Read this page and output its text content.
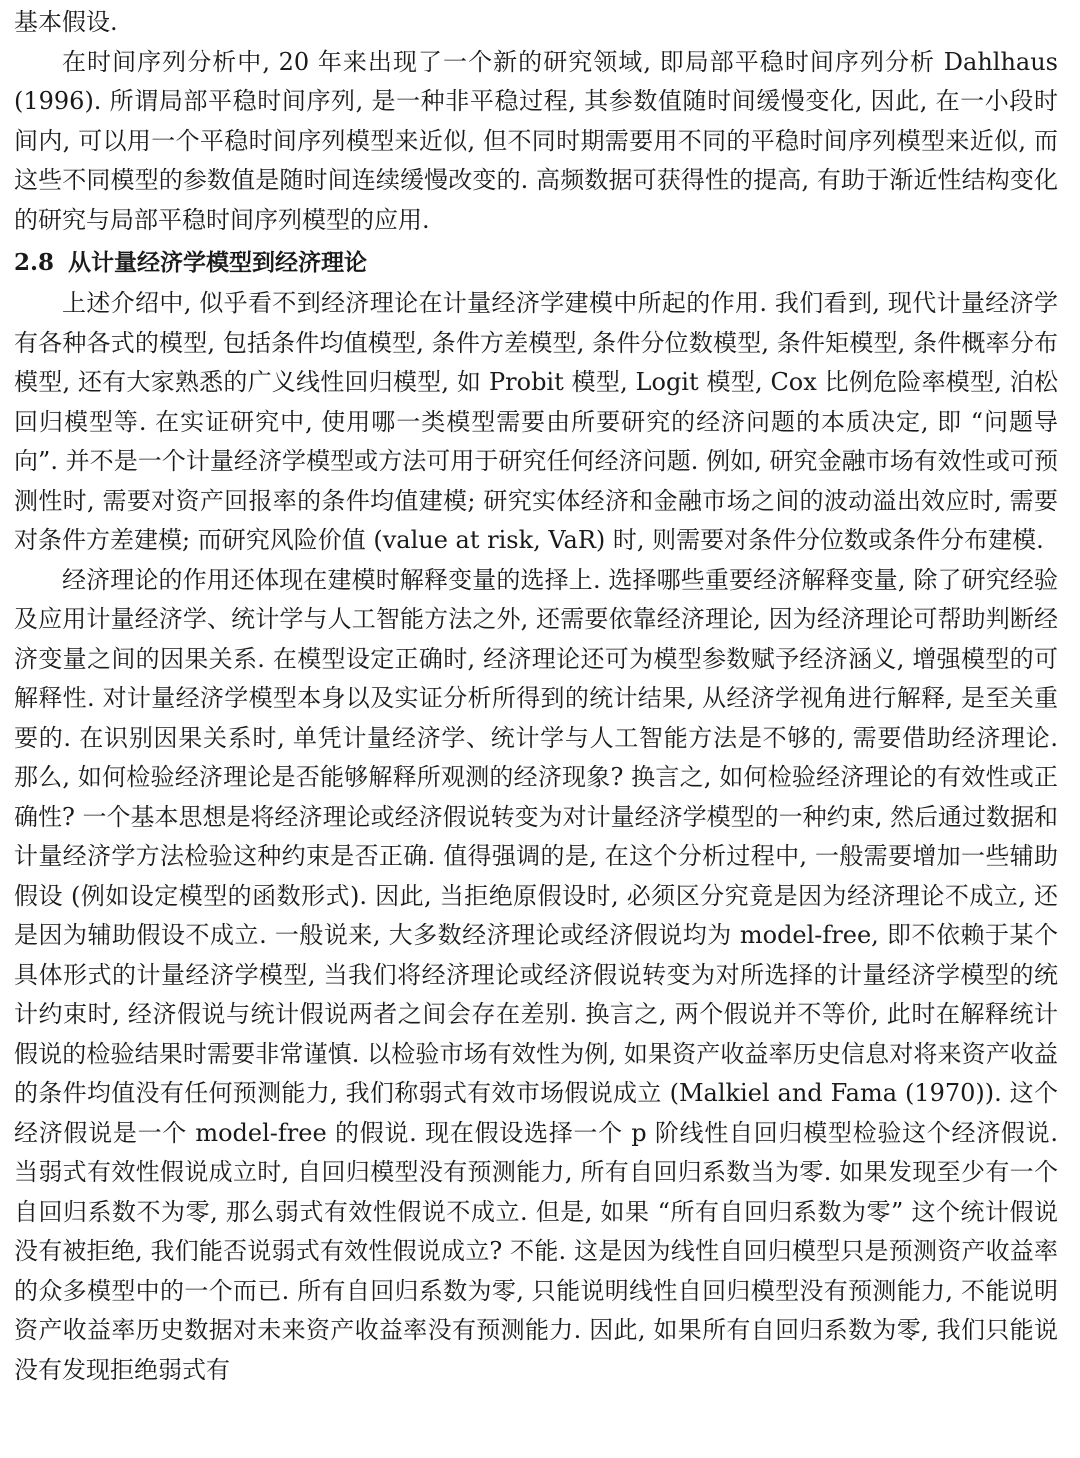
基本假设.

在时间序列分析中, 20 年来出现了一个新的研究领域, 即局部平稳时间序列分析 Dahlhaus (1996). 所谓局部平稳时间序列, 是一种非平稳过程, 其参数值随时间缓慢变化, 因此, 在一小段时间内, 可以用一个平稳时间序列模型来近似, 但不同时期需要用不同的平稳时间序列模型来近似, 而这些不同模型的参数值是随时间连续缓慢改变的. 高频数据可获得性的提高, 有助于渐近性结构变化的研究与局部平稳时间序列模型的应用.

2.8 从计量经济学模型到经济理论

上述介绍中, 似乎看不到经济理论在计量经济学建模中所起的作用. 我们看到, 现代计量经济学有各种各式的模型, 包括条件均值模型, 条件方差模型, 条件分位数模型, 条件矩模型, 条件概率分布模型, 还有大家熟悉的广义线性回归模型, 如 Probit 模型, Logit 模型, Cox 比例危险率模型, 泊松回归模型等. 在实证研究中, 使用哪一类模型需要由所要研究的经济问题的本质决定, 即 “问题导向”. 并不是一个计量经济学模型或方法可用于研究任何经济问题. 例如, 研究金融市场有效性或可预测性时, 需要对资产回报率的条件均值建模; 研究实体经济和金融市场之间的波动溢出效应时, 需要对条件方差建模; 而研究风险价值 (value at risk, VaR) 时, 则需要对条件分位数或条件分布建模.

经济理论的作用还体现在建模时解释变量的选择上. 选择哪些重要经济解释变量, 除了研究经验及应用计量经济学、统计学与人工智能方法之外, 还需要依靠经济理论, 因为经济理论可帮助判断经济变量之间的因果关系. 在模型设定正确时, 经济理论还可为模型参数赋予经济涵义, 增强模型的可解释性. 对计量经济学模型本身以及实证分析所得到的统计结果, 从经济学视角进行解释, 是至关重要的. 在识别因果关系时, 单凭计量经济学、统计学与人工智能方法是不够的, 需要借助经济理论. 那么, 如何检验经济理论是否能够解释所观测的经济现象? 换言之, 如何检验经济理论的有效性或正确性? 一个基本思想是将经济理论或经济假说转变为对计量经济学模型的一种约束, 然后通过数据和计量经济学方法检验这种约束是否正确. 值得强调的是, 在这个分析过程中, 一般需要增加一些辅助假设 (例如设定模型的函数形式). 因此, 当拒绝原假设时, 必须区分究竟是因为经济理论不成立, 还是因为辅助假设不成立. 一般说来, 大多数经济理论或经济假说均为 model-free, 即不依赖于某个具体形式的计量经济学模型, 当我们将经济理论或经济假说转变为对所选择的计量经济学模型的统计约束时, 经济假说与统计假说两者之间会存在差别. 换言之, 两个假说并不等价, 此时在解释统计假说的检验结果时需要非常谨慎. 以检验市场有效性为例, 如果资产收益率历史信息对将来资产收益的条件均值没有任何预测能力, 我们称弱式有效市场假说成立 (Malkiel and Fama (1970)). 这个经济假说是一个 model-free 的假说. 现在假设选择一个 p 阶线性自回归模型检验这个经济假说. 当弱式有效性假说成立时, 自回归模型没有预测能力, 所有自回归系数当为零. 如果发现至少有一个自回归系数不为零, 那么弱式有效性假说不成立. 但是, 如果 “所有自回归系数为零” 这个统计假说没有被拒绝, 我们能否说弱式有效性假说成立? 不能. 这是因为线性自回归模型只是预测资产收益率的众多模型中的一个而已. 所有自回归系数为零, 只能说明线性自回归模型没有预测能力, 不能说明资产收益率历史数据对未来资产收益率没有预测能力. 因此, 如果所有自回归系数为零, 我们只能说没有发现拒绝弱式有
